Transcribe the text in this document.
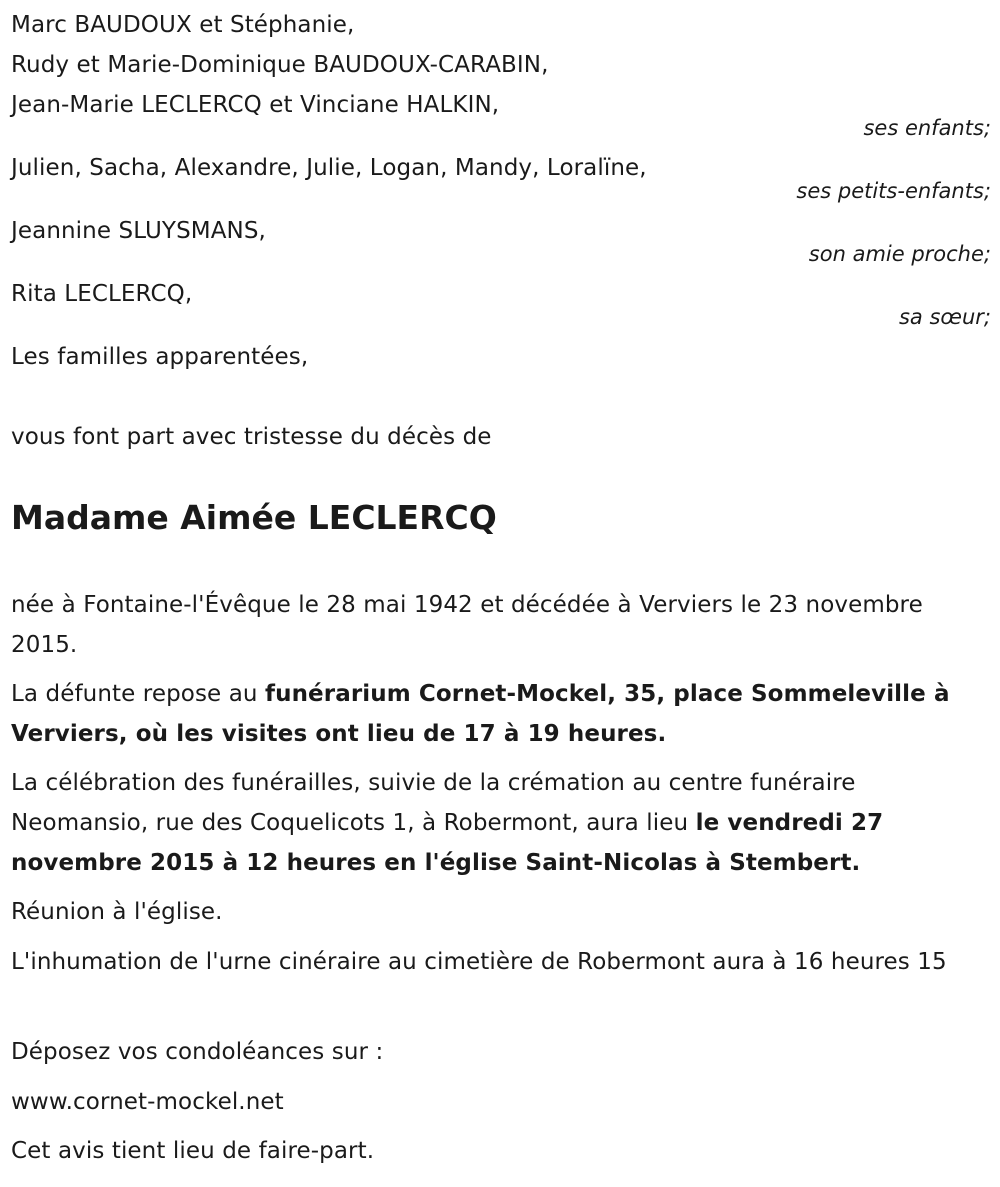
Marc BAUDOUX et Stéphanie,
Rudy et Marie-Dominique BAUDOUX-CARABIN,
Jean-Marie LECLERCQ et Vinciane HALKIN,
ses enfants;
Julien, Sacha, Alexandre, Julie, Logan, Mandy, Loralïne,
ses petits-enfants;
Jeannine SLUYSMANS,
son amie proche;
Rita LECLERCQ,
sa sœur;
Les familles apparentées,
vous font part avec tristesse du décès de
Madame Aimée LECLERCQ
née à Fontaine-l'Évêque le 28 mai 1942 et décédée à Verviers le 23 novembre 2015.
La défunte repose au funérarium Cornet-Mockel, 35, place Sommeleville à Verviers, où les visites ont lieu de 17 à 19 heures.
La célébration des funérailles, suivie de la crémation au centre funéraire Neomansio, rue des Coquelicots 1, à Robermont, aura lieu le vendredi 27 novembre 2015 à 12 heures en l'église Saint-Nicolas à Stembert.
Réunion à l'église.
L'inhumation de l'urne cinéraire au cimetière de Robermont aura à 16 heures 15
Déposez vos condoléances sur :
www.cornet-mockel.net
Cet avis tient lieu de faire-part.
